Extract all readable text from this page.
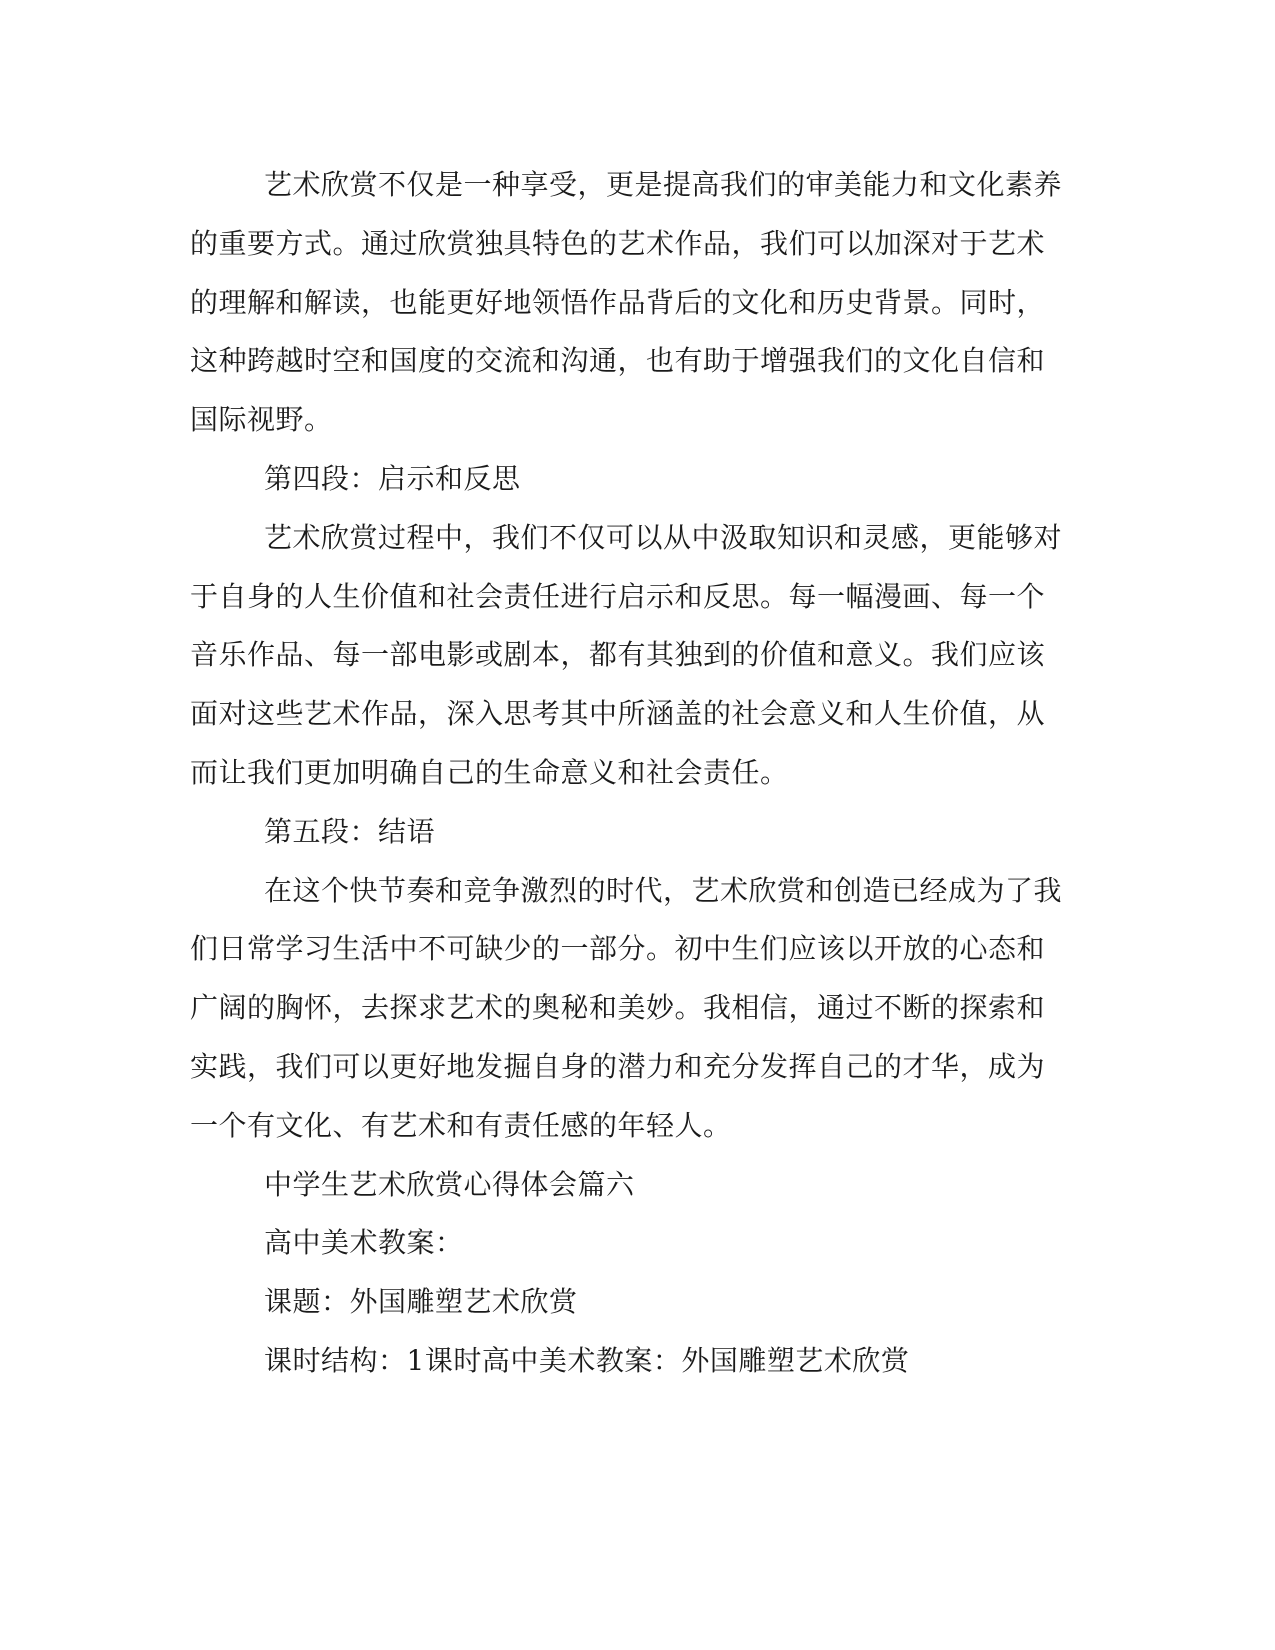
艺术欣赏不仅是一种享受，更是提高我们的审美能力和文化素养
的重要方式。通过欣赏独具特色的艺术作品，我们可以加深对于艺术
的理解和解读，也能更好地领悟作品背后的文化和历史背景。同时，
这种跨越时空和国度的交流和沟通，也有助于增强我们的文化自信和
国际视野。
第四段：启示和反思
艺术欣赏过程中，我们不仅可以从中汲取知识和灵感，更能够对
于自身的人生价值和社会责任进行启示和反思。每一幅漫画、每一个
音乐作品、每一部电影或剧本，都有其独到的价值和意义。我们应该
面对这些艺术作品，深入思考其中所涵盖的社会意义和人生价值，从
而让我们更加明确自己的生命意义和社会责任。
第五段：结语
在这个快节奏和竞争激烈的时代，艺术欣赏和创造已经成为了我
们日常学习生活中不可缺少的一部分。初中生们应该以开放的心态和
广阔的胸怀，去探求艺术的奥秘和美妙。我相信，通过不断的探索和
实践，我们可以更好地发掘自身的潜力和充分发挥自己的才华，成为
一个有文化、有艺术和有责任感的年轻人。
中学生艺术欣赏心得体会篇六
高中美术教案：
课题：外国雕塑艺术欣赏
课时结构：1课时高中美术教案：外国雕塑艺术欣赏
